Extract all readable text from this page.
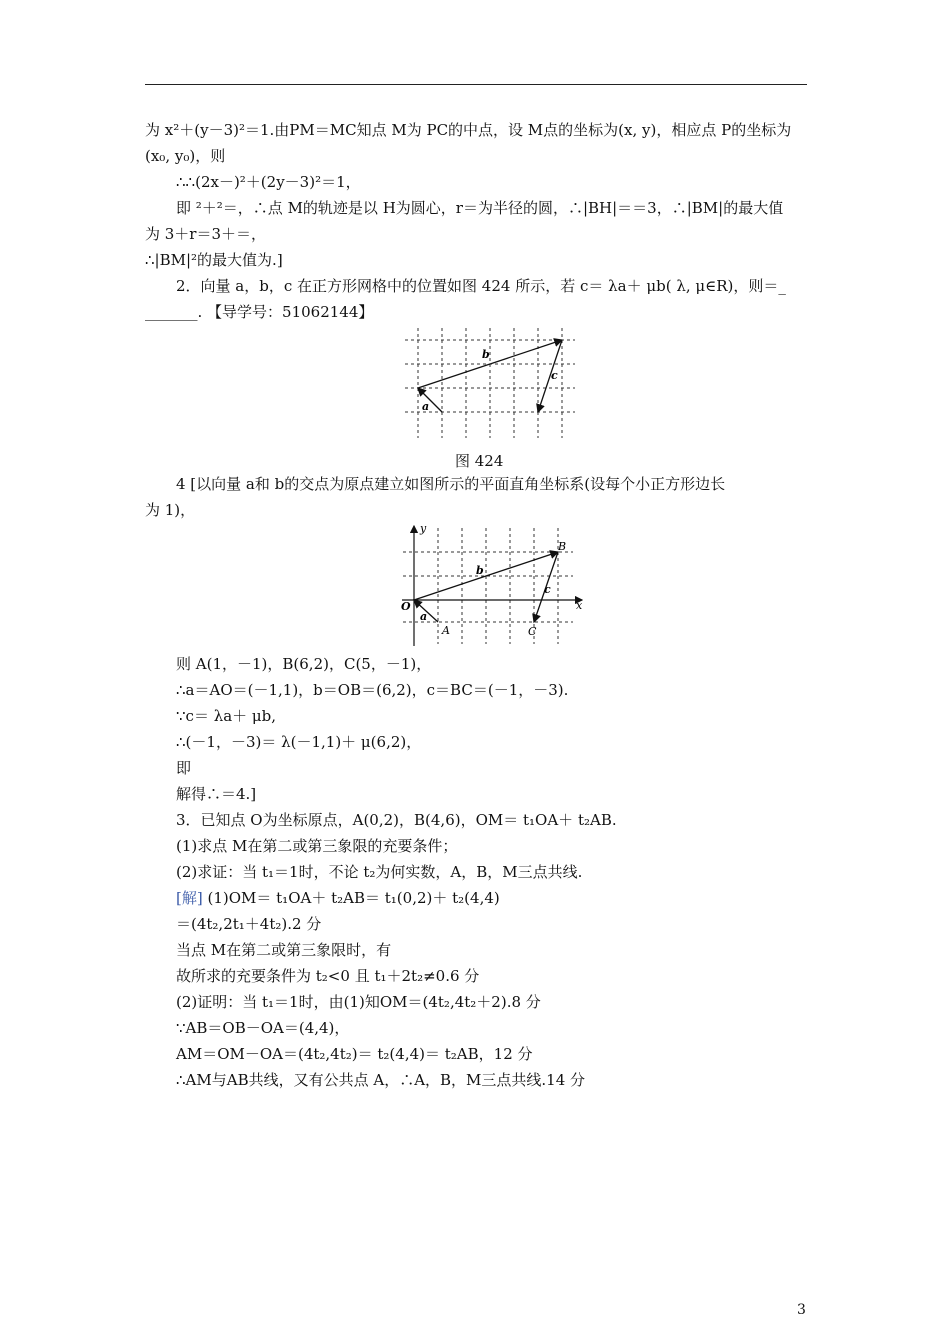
为 x²＋(y－3)²＝1.由PM＝MC知点 M为 PC的中点，设 M点的坐标为(x, y)，相应点 P的坐标为
(x₀, y₀)，则
∴∴(2x－)²＋(2y－3)²＝1，
即 ²＋²＝，∴点 M的轨迹是以 H为圆心，r＝为半径的圆，∴|BH|＝＝3，∴|BM|的最大值
为 3＋r＝3＋＝，
∴|BM|²的最大值为.]
2．向量 a，b，c 在正方形网格中的位置如图 424 所示，若 c＝ λa＋ μb( λ, μ∈R)，则＝_
_______. 【导学号：51062144】
b
c
a
图 424
4 [以向量 a和 b的交点为原点建立如图所示的平面直角坐标系(设每个小正方形边长
为 1)，
y
x
O
A
B
C
a
b
c
则 A(1，－1)，B(6,2)，C(5，－1)，
∴a＝AO＝(－1,1)，b＝OB＝(6,2)，c＝BC＝(－1，－3).
∵c＝ λa＋ μb,
∴(－1，－3)＝ λ(－1,1)＋ μ(6,2)，
即
解得∴＝4.]
3．已知点 O为坐标原点，A(0,2)，B(4,6)，OM＝ t₁OA＋ t₂AB.
(1)求点 M在第二或第三象限的充要条件；
(2)求证：当 t₁＝1时，不论 t₂为何实数，A，B，M三点共线.
[解] (1)OM＝ t₁OA＋ t₂AB＝ t₁(0,2)＋ t₂(4,4)
＝(4t₂,2t₁＋4t₂).2 分
当点 M在第二或第三象限时，有
故所求的充要条件为 t₂<0 且 t₁＋2t₂≠0.6 分
(2)证明：当 t₁＝1时，由(1)知OM＝(4t₂,4t₂＋2).8 分
∵AB＝OB－OA＝(4,4)，
AM＝OM－OA＝(4t₂,4t₂)＝ t₂(4,4)＝ t₂AB，12 分
∴AM与AB共线，又有公共点 A，∴A，B，M三点共线.14 分
3
